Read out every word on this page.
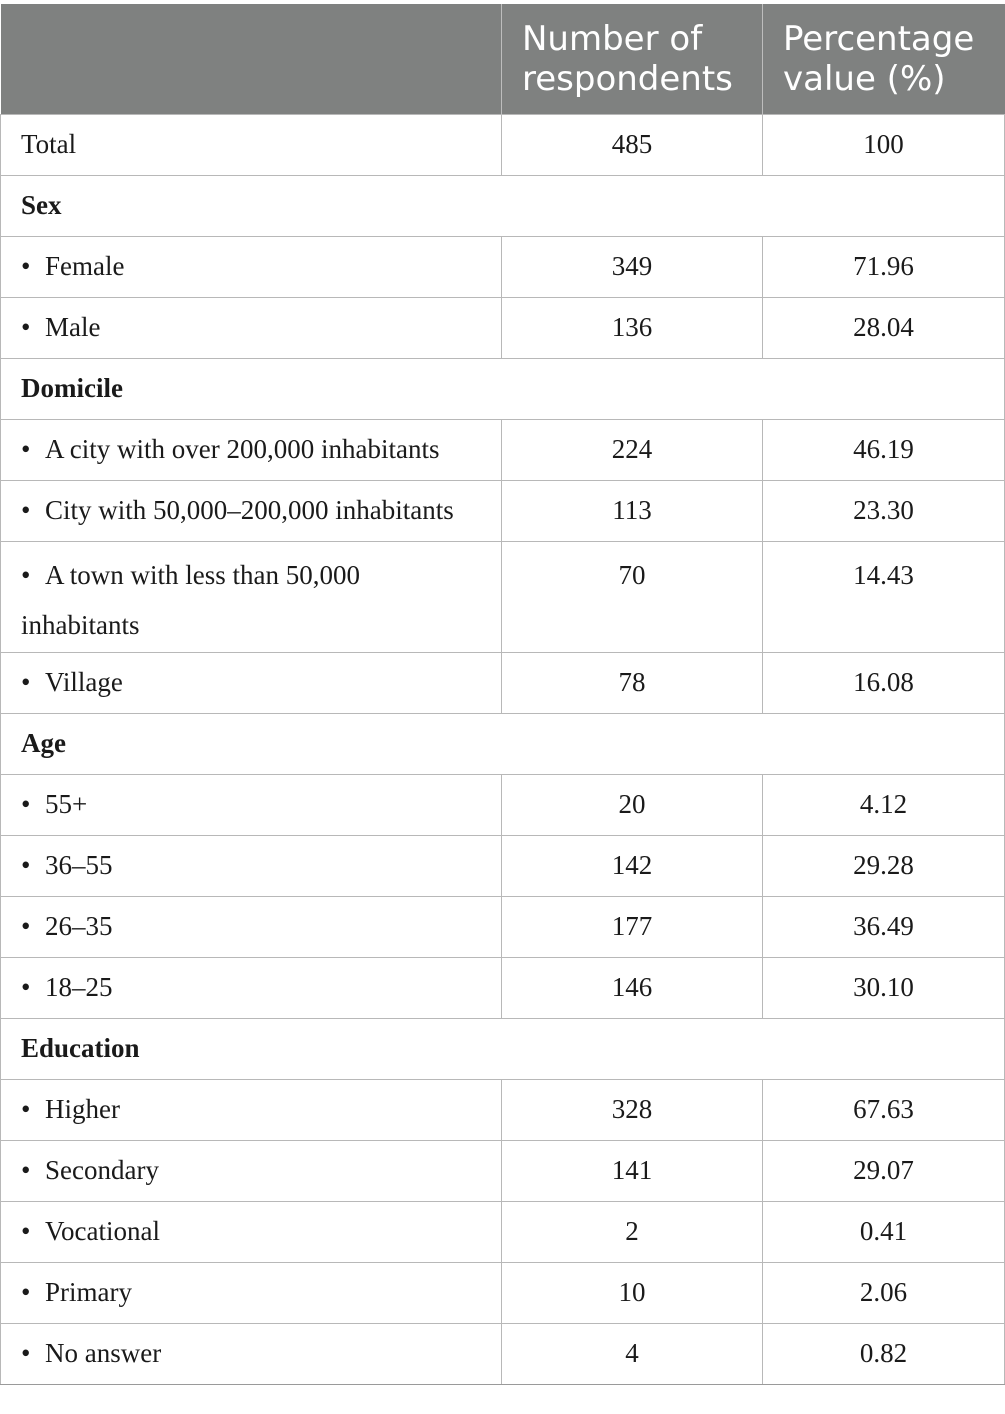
	Number of respondents	Percentage value (%)
Total	485	100
Sex		
• Female	349	71.96
• Male	136	28.04
Domicile		
• A city with over 200,000 inhabitants	224	46.19
• City with 50,000–200,000 inhabitants	113	23.30
• A town with less than 50,000 inhabitants	70	14.43
• Village	78	16.08
Age		
• 55+	20	4.12
• 36–55	142	29.28
• 26–35	177	36.49
• 18–25	146	30.10
Education		
• Higher	328	67.63
• Secondary	141	29.07
• Vocational	2	0.41
• Primary	10	2.06
• No answer	4	0.82
